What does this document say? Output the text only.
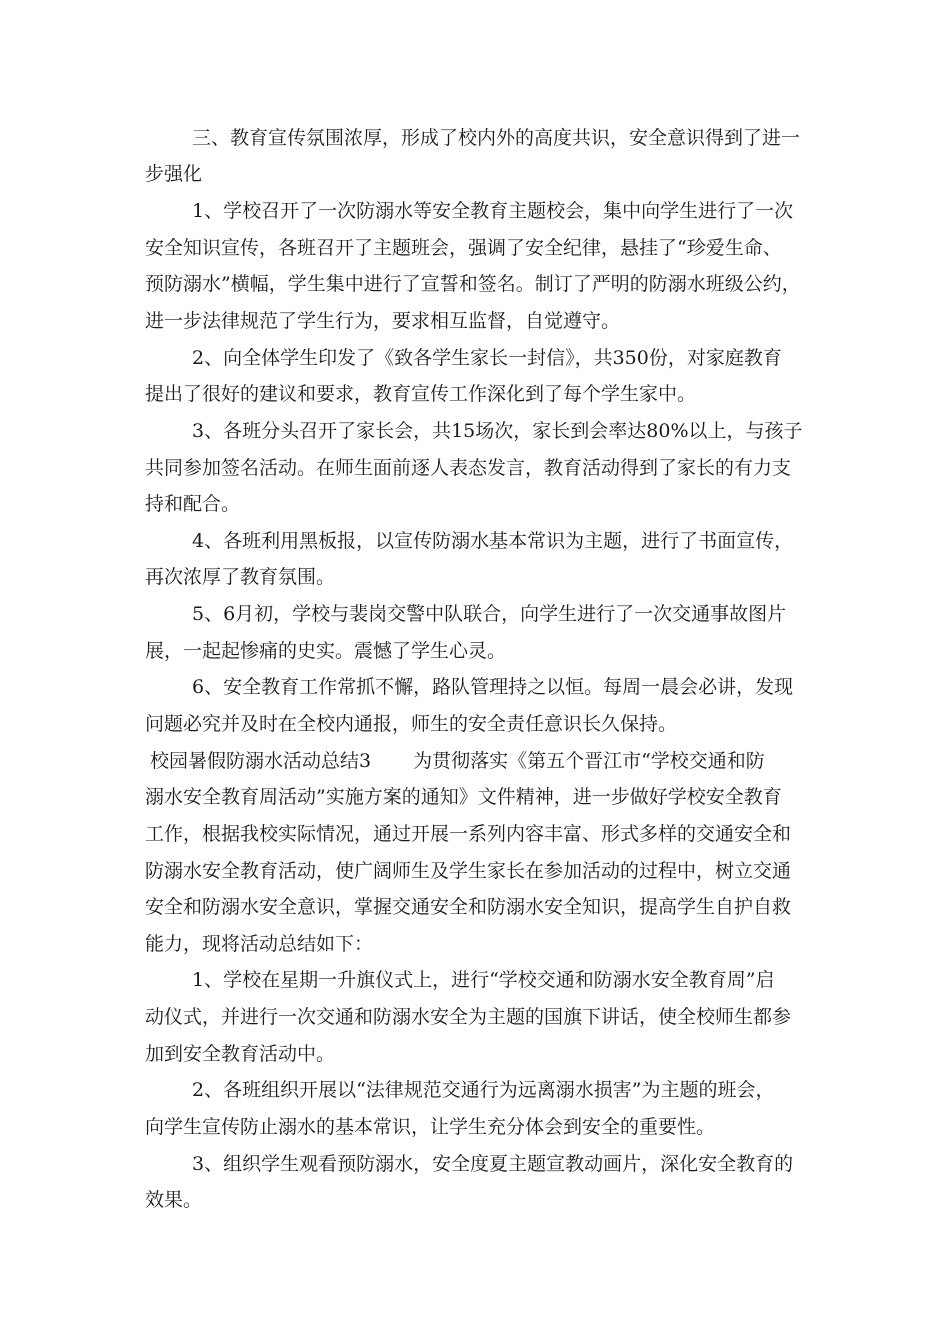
三、教育宣传氛围浓厚，形成了校内外的高度共识，安全意识得到了进一
步强化
1、学校召开了一次防溺水等安全教育主题校会，集中向学生进行了一次
安全知识宣传，各班召开了主题班会，强调了安全纪律，悬挂了“珍爱生命、
预防溺水”横幅，学生集中进行了宣誓和签名。制订了严明的防溺水班级公约，
进一步法律规范了学生行为，要求相互监督，自觉遵守。
2、向全体学生印发了《致各学生家长一封信》，共350份，对家庭教育
提出了很好的建议和要求，教育宣传工作深化到了每个学生家中。
3、各班分头召开了家长会，共15场次，家长到会率达80%以上，与孩子
共同参加签名活动。在师生面前逐人表态发言，教育活动得到了家长的有力支
持和配合。
4、各班利用黑板报，以宣传防溺水基本常识为主题，进行了书面宣传，
再次浓厚了教育氛围。
5、6月初，学校与裴岗交警中队联合，向学生进行了一次交通事故图片
展，一起起惨痛的史实。震憾了学生心灵。
6、安全教育工作常抓不懈，路队管理持之以恒。每周一晨会必讲，发现
问题必究并及时在全校内通报，师生的安全责任意识长久保持。
校园暑假防溺水活动总结3 为贯彻落实《第五个晋江市“学校交通和防
溺水安全教育周活动”实施方案的通知》文件精神，进一步做好学校安全教育
工作，根据我校实际情况，通过开展一系列内容丰富、形式多样的交通安全和
防溺水安全教育活动，使广阔师生及学生家长在参加活动的过程中，树立交通
安全和防溺水安全意识，掌握交通安全和防溺水安全知识，提高学生自护自救
能力，现将活动总结如下：
1、学校在星期一升旗仪式上，进行“学校交通和防溺水安全教育周”启
动仪式，并进行一次交通和防溺水安全为主题的国旗下讲话，使全校师生都参
加到安全教育活动中。
2、各班组织开展以“法律规范交通行为远离溺水损害”为主题的班会，
向学生宣传防止溺水的基本常识，让学生充分体会到安全的重要性。
3、组织学生观看预防溺水，安全度夏主题宣教动画片，深化安全教育的
效果。
